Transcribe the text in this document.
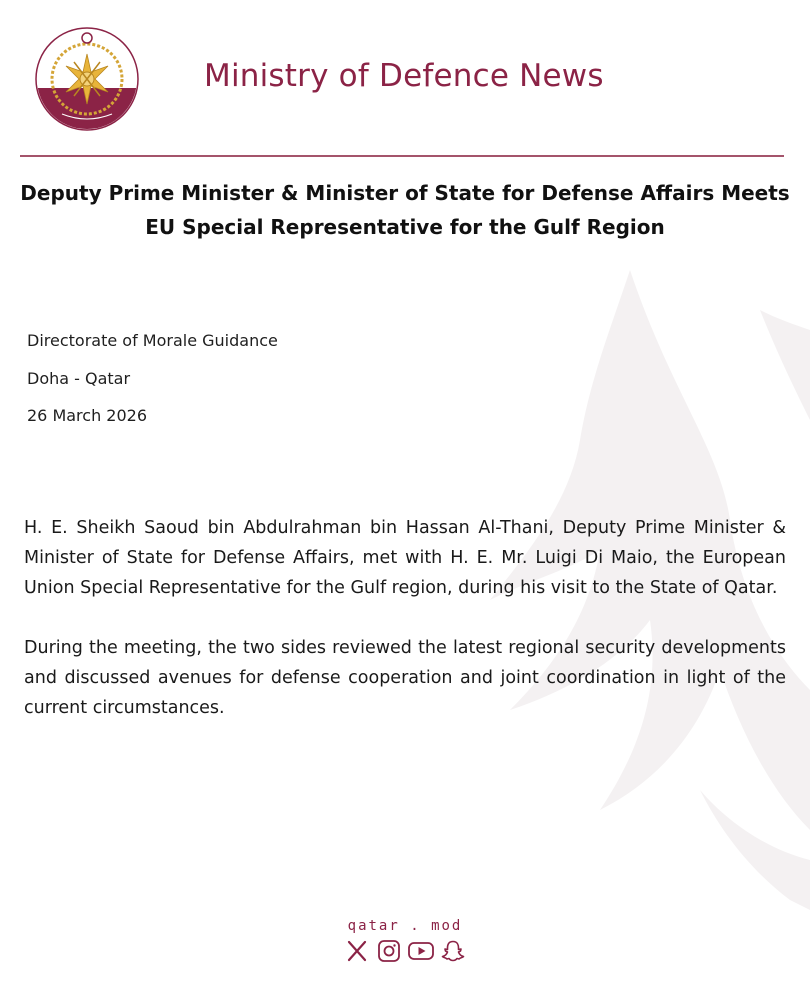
Ministry of Defence News
Deputy Prime Minister & Minister of State for Defense Affairs Meets EU Special Representative for the Gulf Region
Directorate of Morale Guidance
Doha - Qatar
26 March 2026

H. E. Sheikh Saoud bin Abdulrahman bin Hassan Al-Thani, Deputy Prime Minister & Minister of State for Defense Affairs, met with H. E. Mr. Luigi Di Maio, the European Union Special Representative for the Gulf region, during his visit to the State of Qatar.

During the meeting, the two sides reviewed the latest regional security developments and discussed avenues for defense cooperation and joint coordination in light of the current circumstances.

qatar . mod
